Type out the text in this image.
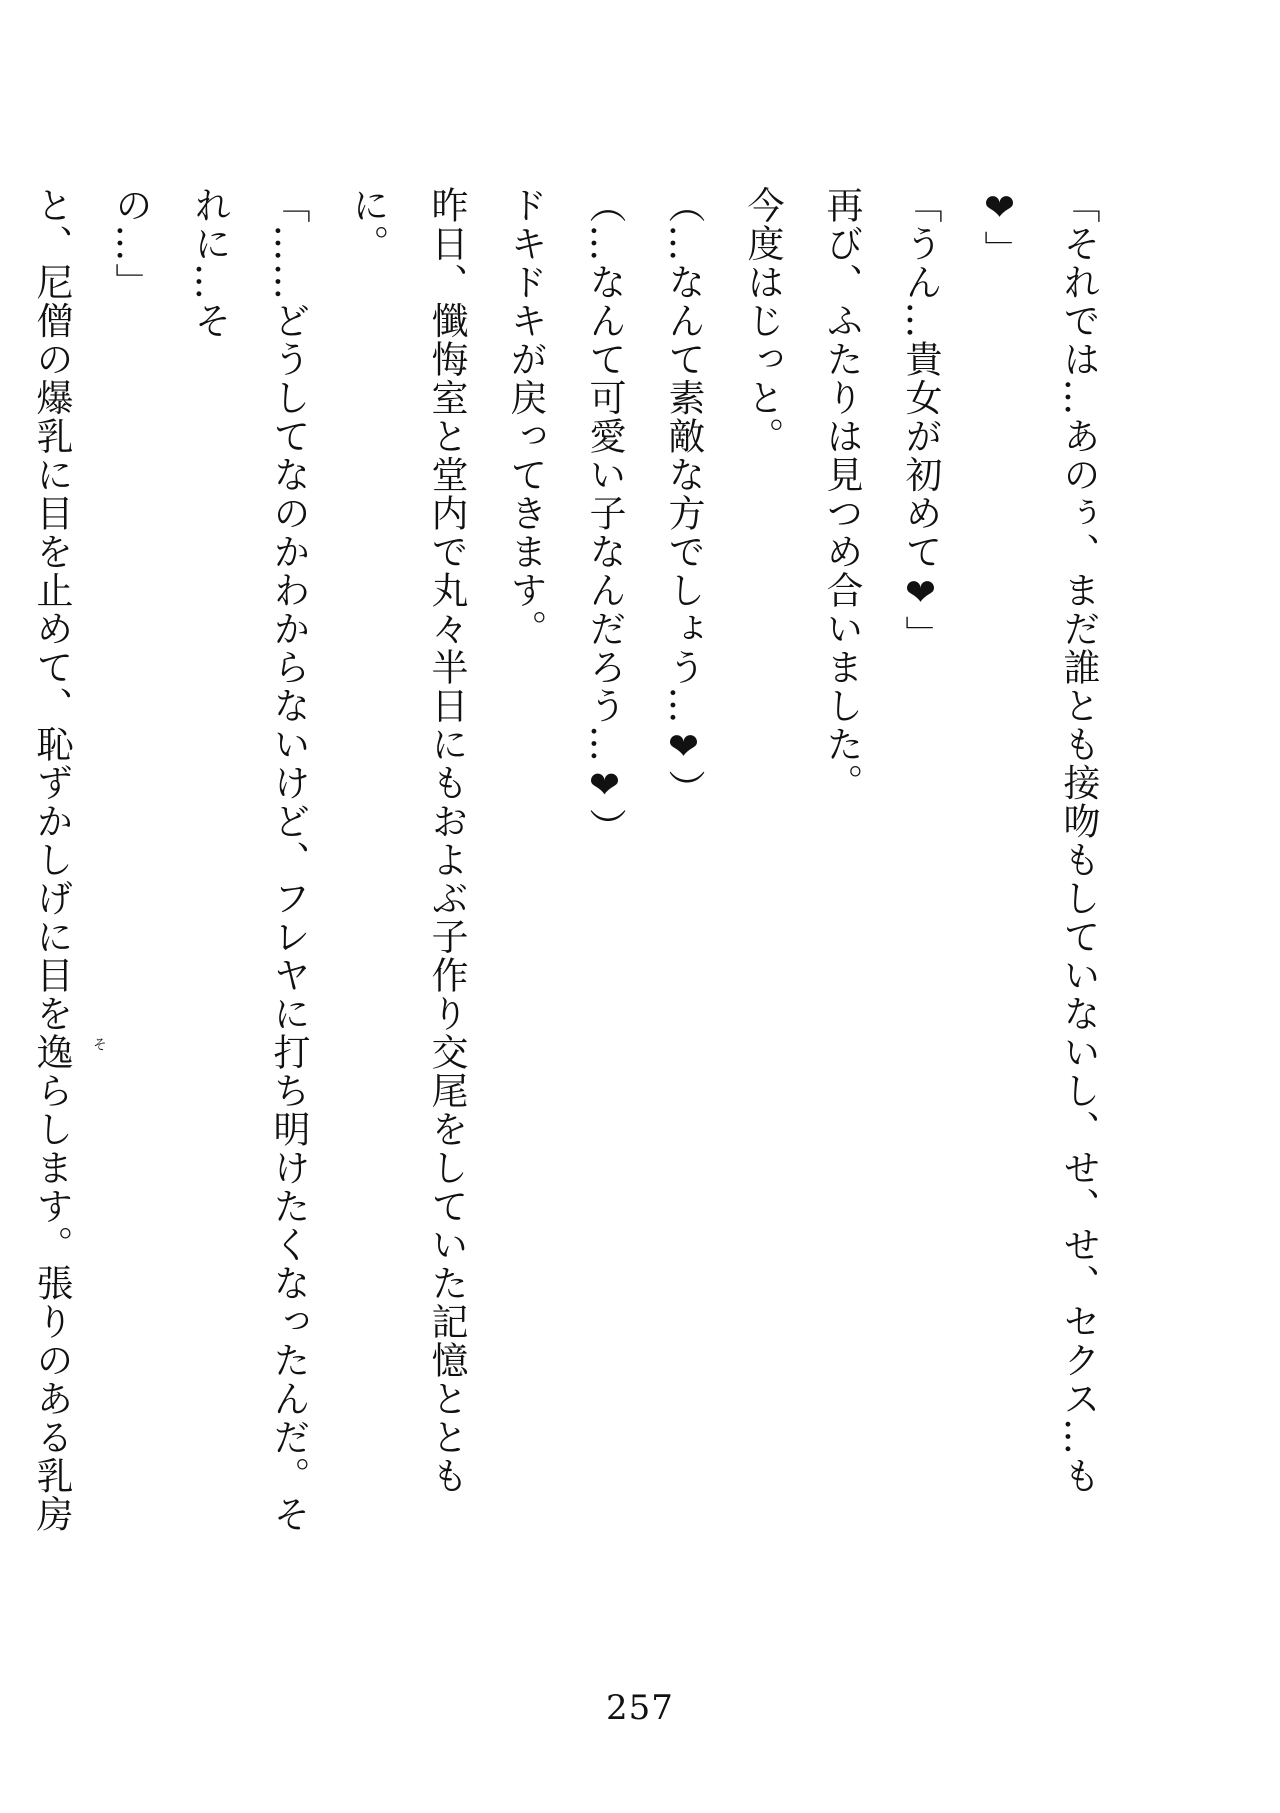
「それでは…あのぅ、まだ誰とも接吻もしていないし、せ、せ、セクス…も❤」
「うん…貴女が初めて❤」
再び、ふたりは見つめ合いました。
今度はじっと。
（…なんて素敵な方でしょう…❤）
（…なんて可愛い子なんだろう…❤）
ドキドキが戻ってきます。
昨日、懺悔室と堂内で丸々半日にもおよぶ子作り交尾をしていた記憶とともに。
「……どうしてなのかわからないけど、フレヤに打ち明けたくなったんだ。それに…そ
の…」
と、尼僧の爆乳に目を止めて、恥ずかしげに目を逸 そ
らします。張りのある乳房
257
